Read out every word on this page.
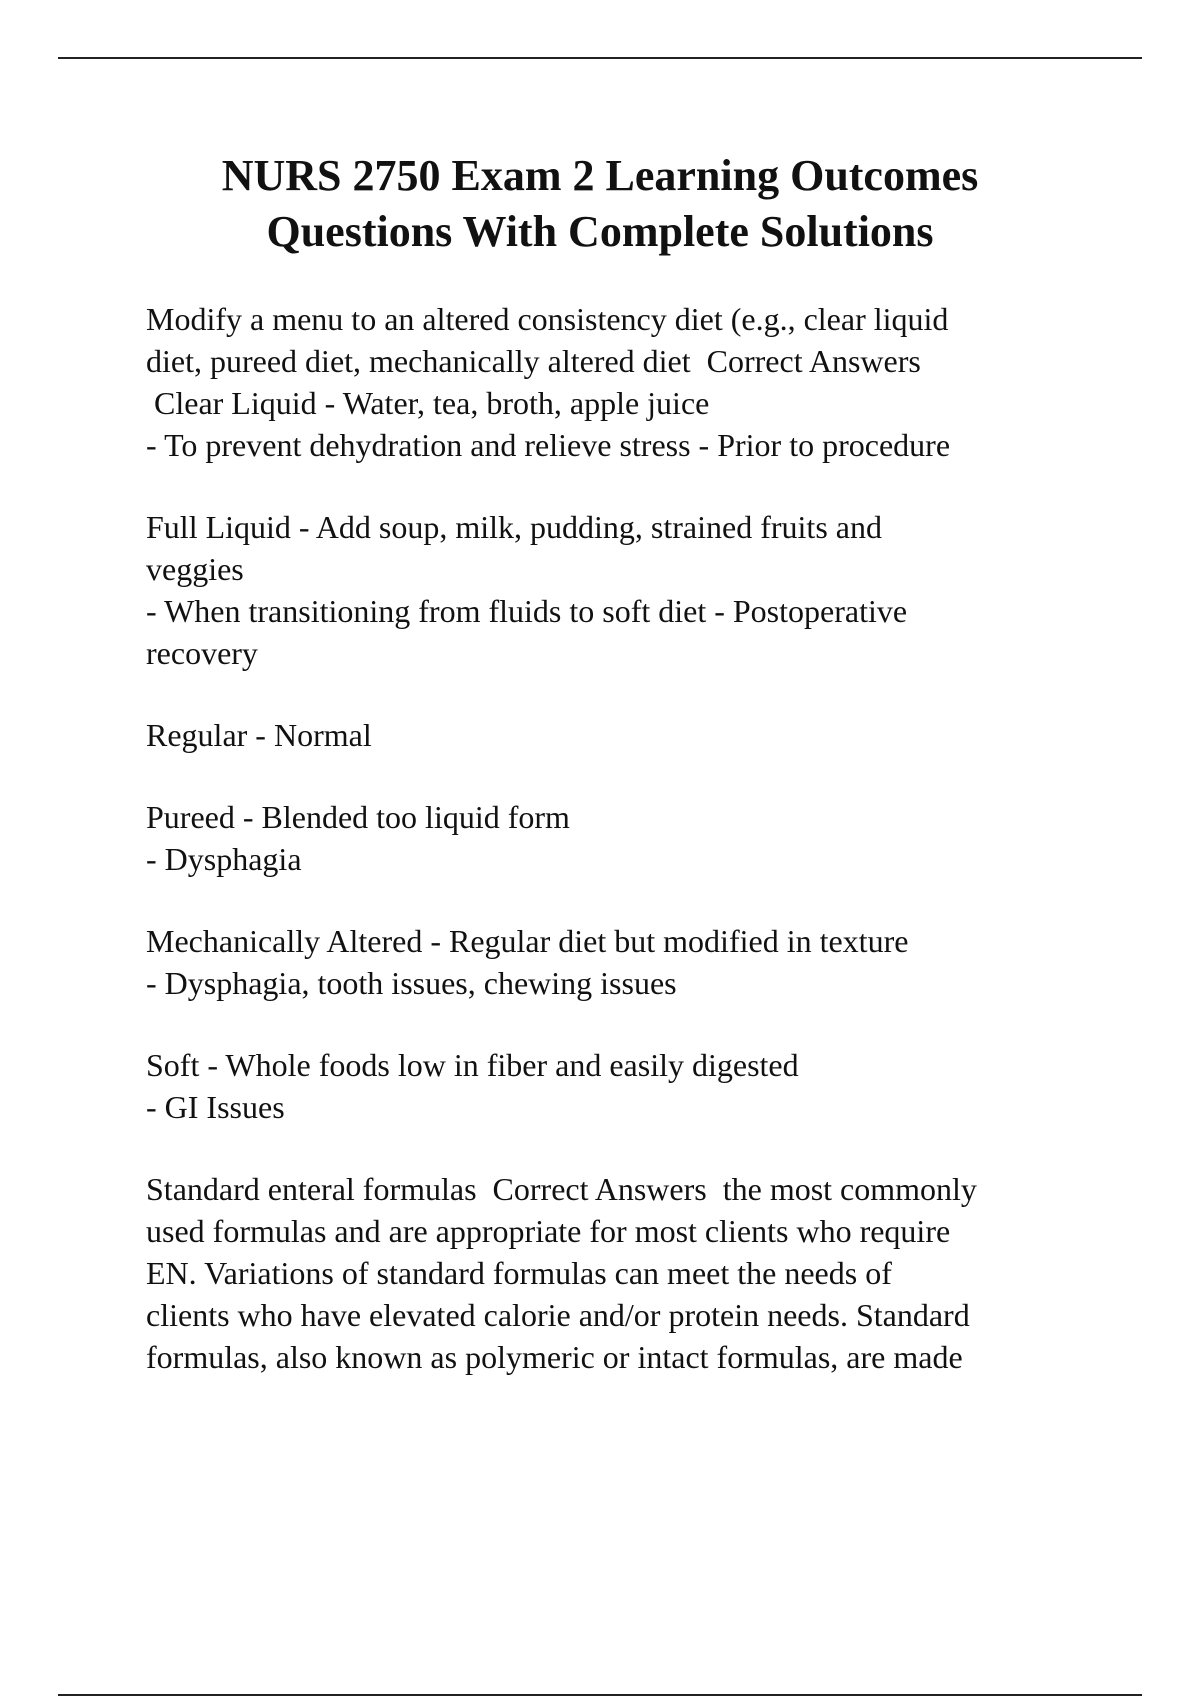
NURS 2750 Exam 2 Learning Outcomes
Questions With Complete Solutions

Modify a menu to an altered consistency diet (e.g., clear liquid
diet, pureed diet, mechanically altered diet  Correct Answers
Clear Liquid - Water, tea, broth, apple juice
- To prevent dehydration and relieve stress - Prior to procedure

Full Liquid - Add soup, milk, pudding, strained fruits and
veggies
- When transitioning from fluids to soft diet - Postoperative
recovery

Regular - Normal

Pureed - Blended too liquid form
- Dysphagia

Mechanically Altered - Regular diet but modified in texture
- Dysphagia, tooth issues, chewing issues

Soft - Whole foods low in fiber and easily digested
- GI Issues

Standard enteral formulas  Correct Answers  the most commonly
used formulas and are appropriate for most clients who require
EN. Variations of standard formulas can meet the needs of
clients who have elevated calorie and/or protein needs. Standard
formulas, also known as polymeric or intact formulas, are made
